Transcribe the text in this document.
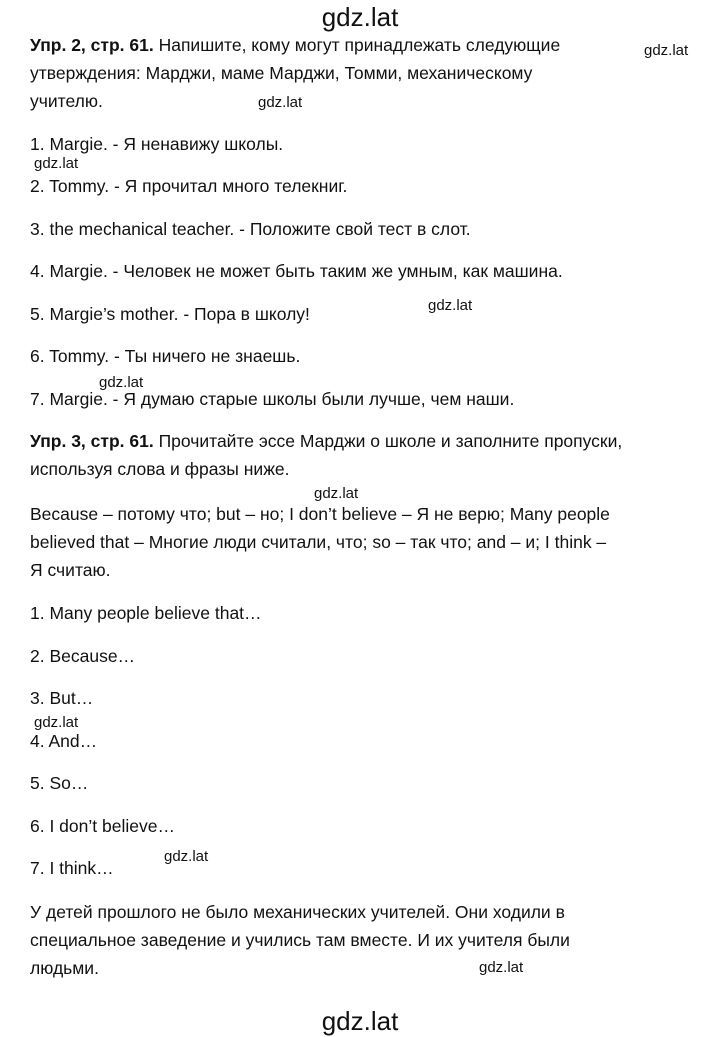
gdz.lat
gdz.lat
gdz.lat
gdz.lat
gdz.lat
gdz.lat
gdz.lat
gdz.lat
gdz.lat
gdz.lat
gdz.lat
Упр. 2, стр. 61. Напишите, кому могут принадлежать следующие
утверждения: Марджи, маме Марджи, Томми, механическому
учителю.
1. Margie. - Я ненавижу школы.
2. Tommy. - Я прочитал много телекниг.
3. the mechanical teacher. - Положите свой тест в слот.
4. Margie. - Человек не может быть таким же умным, как машина.
5. Margie’s mother. - Пора в школу!
6. Tommy. - Ты ничего не знаешь.
7. Margie. - Я думаю старые школы были лучше, чем наши.
Упр. 3, стр. 61. Прочитайте эссе Марджи о школе и заполните пропуски,
используя слова и фразы ниже.
Because – потому что; but – но; I don’t believe – Я не верю; Many people
believed that – Многие люди считали, что; so – так что; and – и; I think –
Я считаю.
1. Many people believe that…
2. Because…
3. But…
4. And…
5. So…
6. I don’t believe…
7. I think…
У детей прошлого не было механических учителей. Они ходили в
специальное заведение и учились там вместе. И их учителя были
людьми.
